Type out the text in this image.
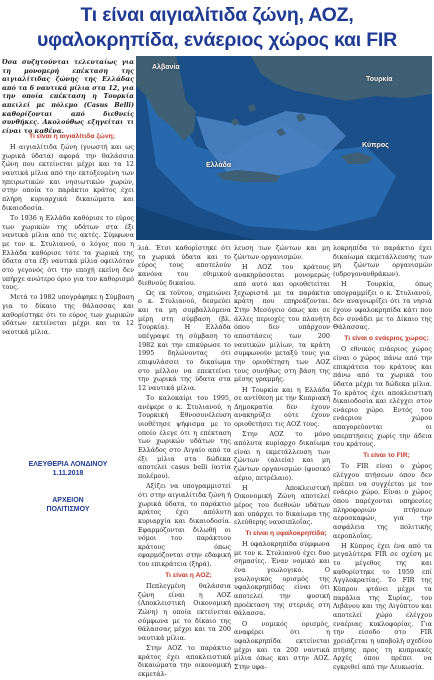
Τι είναι αιγιαλίτιδα ζώνη, ΑΟΖ,
υφαλοκρηπίδα, ενάεριος χώρος και FIR
Όσα συζητούνται τελευταίως για τη μονομερή επέκταση της αιγιαλίτιδας ζώνης της Ελλάδας από τα 6 ναυτικά μίλια στα 12, για την οποία επέκταση η Τουρκία απειλεί με πόλεμο (Casus Belli) καθορίζονται από διεθνείς συνθήκες. Ακολούθως εξηγείται τι είναι το καθένα.
Αλβανία
Τουρκία
Ελλάδα
Κύπρος

Τι είναι η αιγιαλίτιδα ζώνη;

Η αιγιαλίτιδα ζώνη (γνωστή και ως χωρικά ύδατα) αφορά την θαλάσσια ζώνη που εκτείνεται μέχρι και τα 12 ναυτικά μίλια από την εκτοξευμένη των ηπειρωτικών και νησιωτικών χωρών, στην οποία το παράκτιο κράτος έχει πλήρη κυριαρχικά δικαιώματα και δικαιοδοσία.

Το 1936 η Ελλάδα καθόρισε το εύρος των χωρικών της υδάτων στα έξι ναυτικά μίλια από τις ακτές. Σύμφωνα με τον κ. Στυλιανού, ο λόγος που η Ελλάδα καθόρισε τότε τα χωρικά της ύδατα στα έξι ναυτικά μίλια οφειλόταν στο γεγονός ότι την εποχή εκείνη δεν υπήρχε ανώτερο όριο για τον καθορισμό τους.

Μετά το 1982 υπογράφηκε η Σύμβαση για το δίκαιο της θάλασσας και καθορίστηκε ότι το εύρος των χωρικών υδάτων εκτείνεται μέχρι και τα 12 ναυτικά μίλια.

ΕΛΕΥΘΕΡΙΑ ΛΟΝΔΙΝΟΥ
1.11.2018
ΑΡΧΕΙΟΝ
ΠΟΛΙΤΙΣΜΟΥ

λιά. Έτσι καθορίστηκε ότι τα χωρικά ύδατα και το εύρος τους αποτελούν κανόνα του εθιμικού διεθνούς δικαίου.

Ως εκ τούτου, σημειώνει ο κ. Στυλιανού, δεσμεύει και τα μη συμβαλλόμενα μέρη στη σύμβαση (βλ. Τουρκία). Η Ελλάδα υπέγραψε τη σύμβαση το 1982 και την επικύρωσε το 1995 δηλώνοντας ότι επιφυλάσσει το δικαίωμα στο μέλλον να επεκτείνει την χωρικά της ύδατα στα 12 ναυτικά μίλια.

Το καλοκαίρι του 1995, ανέφερε ο κ. Στυλιανού, η Τουρκική Εθνοσυνέλευση υιοθέτησε ψήφισμα με το οποίο έλεγε ότι η επέκταση των χωρικών υδάτων της Ελλάδος στο Αιγαίο από τα έξι μίλια στα δώδεκα αποτελεί casus belli (αιτία πολέμου).

Αξίζει να υπογραμμιστεί ότι στην αιγιαλίτιδα ζώνη ή χωρικά ύδατα, το παράκτιο κράτος έχει απόλυτη κυριαρχία και δικαιοδοσία. Εφαρμόζονται διλωθή οι νόμοι του παράκτιου κράτους όπως εφαρμόζονται στην εδαφική του επικράτεια (ξηρά).

Τι είναι η ΑΟΖ;

Πεπλεγμένη θαλάσσια ζώνη είναι η ΑΟΖ (Αποκλειστική Οικονομική Ζώνη) η οποία εκτείνεται σύμφωνα με το δίκαιο της θάλασσας μέχρι και τα 200 ναυτικά μίλια.

Στην ΑΟΖ το παράκτιο κράτος έχει αποκλειστικά δικαιώματα την οικονομική εκμετάλ-

λευση των ζώντων και μη ζώντων οργανισμών.

Η ΑΟΖ του κράτους ανακηρύσσεται μονομερώς από αυτό και οριοθετείται ξεχωριστά με τα παράκτια κράτη που επηρεάζονται. Στην Μεσόγειο όπως και σε άλλες περιοχές του πλανήτη όπου δεν υπάρχουν αποστάσεις των 200 ναυτικών μιλίων, τα κράτη συμφωνούν μεταξύ τους για την οριοθέτηση των ΑΟΖ τους συνήθως στη βάση της μέσης γραμμής.

Η Τουρκία και η Ελλάδα σε αντίθεση με την Κυπριακή Δημοκρατία δεν έχουν ανακηρύξει ούτε έχουν οριοθετήσει τις ΑΟΖ τους.

Στην ΑΟΖ το μόνο απόλυτα κυρίαρχο δικαίωμα είναι η εκμετάλλευση των ζώντων (αλιεία) και μη ζώντων οργανισμών (φυσικό αέριο, πετρέλαιο).

Η Αποκλειστική Οικονομική Ζώνη αποτελεί μέρος του διεθνών υδάτων και υπάρχει το δικαίωμα της ελεύθερης ναυσιπλοΐας.

Τι είναι η υφαλοκρηπίδα;

Η υφαλοκρηπίδα σύμφωνα με τον κ. Στυλιανού έχει δυο σημασίες. Έναν νομικό και ένα γεωλογικό. Ο γεωλογικός ορισμός της υφαλοκρηπίδας είναι ότι αποτελεί την φυσική προέκταση της στεριάς στη θάλασσα.

Ο νομικός ορισμός, αναφέρει ότι η υφαλοκρηπίδα εκτείνεται μέχρι και τα 200 ναυτικά μίλια όπως και στην ΑΟΖ. Στην υφα-

λοκρηπίδα το παράκτιο έχει δικαίωμα εκμετάλλευσης των μη ζώντων οργανισμών (υδρογονανθράκων).

Η Τουρκία, όπως υπογραμμίζει ο κ. Στυλιανού, δεν αναγνωρίζει ότι τα νησιά έχουν υφαλοκρηπίδα κάτι που δεν συνάδει με το Δίκαιο της Θάλασσας.

Τι είναι ο ενάεριος χώρος;

Ο εθνικός ενάεριος χώρος είναι ο χώρος πάνω από την επικράτεια του κράτους και πάνω από τα χωρικά του ύδατα μέχρι τα δώδεκα μίλια. Το κράτος έχει αποκλειστική δικαιοδοσία και ελέγχει στον ενάεριο χώρο. Εντός του ενάεριου χώρου απαγορεύονται οι υπερπτήσεις χωρίς την άδεια του κράτους.

Τι είναι το FIR;

Το FIR είναι ο χώρος ελέγχου πτήσεων όπου δεν πρέπει να συγχέεται με τον ενάεριο χώρο. Είναι ο χώρος όπου παρέχονται υπηρεσίες πληροφοριών πτήσεων αεροσκαφών, για την ασφάλεια της πολιτικής αεροπλοΐας.

Η Κύπρος έχει ένα από τα μεγαλύτερα FIR σε σχέση με το μέγεθος της και καθορίστηκε το 1959 επί Αγγλοκρατίας. Το FIR της Κύπρου φτάνει μέχρι τα παράλια της Συρίας, του Λιβάνου και της Αιγύπτου και αποτελεί χώρο ελέγχου εναέριας κυκλοφορίας. Για την είσοδο στο FIR χρειάζεται η υποβολή σχεδίου πτήσης προς τη κυπριακές Αρχές όπου πρέπει να εγκριθεί από την Λευκωσία.
